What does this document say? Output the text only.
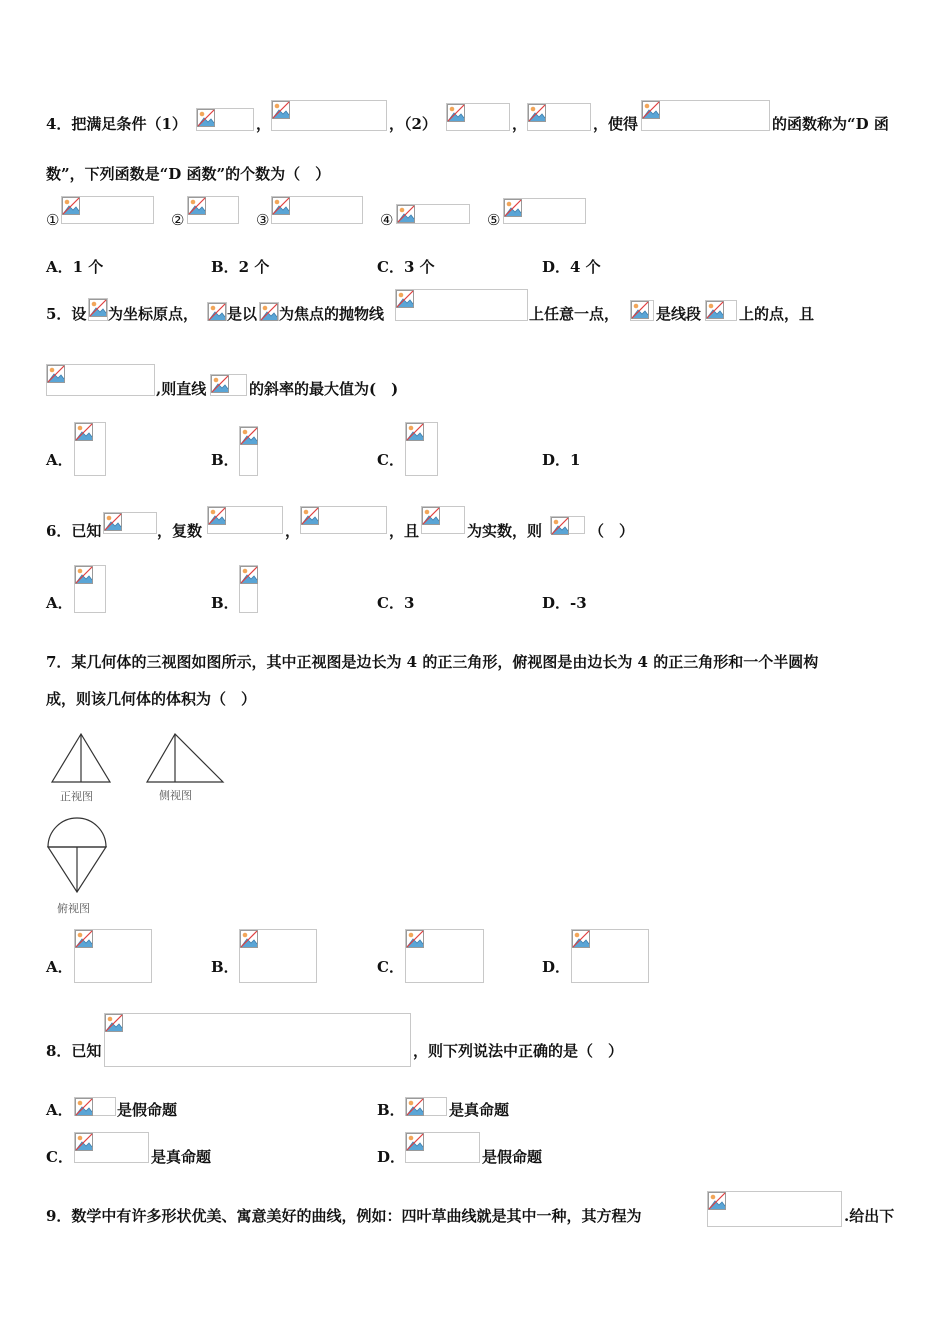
4．把满足条件（1）	，	，（2）	，	，使得	的函数称为“D 函
数”，下列函数是“D 函数”的个数为（　）
①	②	③	④	⑤
A．1 个	B．2 个	C．3 个	D．4 个
5．设 为坐标原点， 是以 为焦点的抛物线	上任意一点， 是线段	上的点，且
,则直线	的斜率的最大值为(　)
A．	B．	C．	D．1
6．已知	，复数	，	，且	为实数，则	（　）
A．	B．	C．3	D．-3
7．某几何体的三视图如图所示，其中正视图是边长为 4 的正三角形，俯视图是由边长为 4 的正三角形和一个半圆构
成，则该几何体的体积为（　）
正视图	侧视图
俯视图
A．	B．	C．	D．
8．已知	，则下列说法中正确的是（　）
A．	是假命题	B．	是真命题
C．	是真命题	D．	是假命题
9．数学中有许多形状优美、寓意美好的曲线，例如：四叶草曲线就是其中一种，其方程为	.给出下
